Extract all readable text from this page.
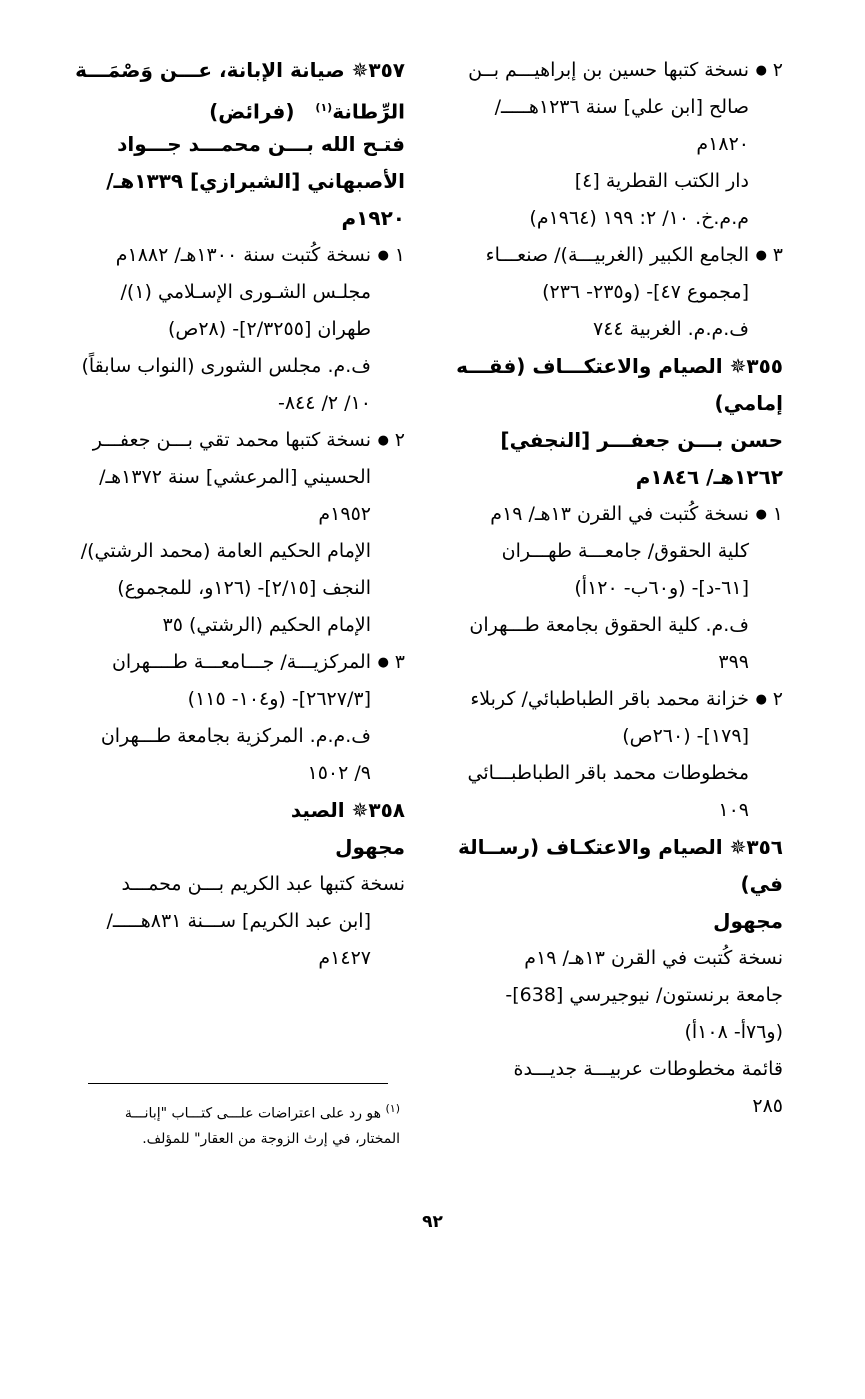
٢
●
نسخة كتبها حسين بن إبراهيـــم بــن
صالح [ابن علي] سنة ١٢٣٦هـــــ/
١٨٢٠م
دار الكتب القطرية [٤]
م.م.خ. ١٠/ ٢: ١٩٩ (١٩٦٤م)
٣
●
الجامع الكبير (الغربيـــة)/ صنعـــاء
[مجموع ٤٧]- (و٢٣٥- ٢٣٦)
ف.م.م. الغربية ٧٤٤
٣٥٥✵ الصيام والاعتكـــاف (فقـــه
إمامي)
حسن بـــن جعفـــر [النجفي]
١٢٦٢هـ/ ١٨٤٦م
١
●
نسخة كُتبت في القرن ١٣هـ/ ١٩م
كلية الحقوق/ جامعـــة طهـــران
[٦١-د]- (و٦٠ب- ١٢٠أ)
ف.م. كلية الحقوق بجامعة طـــهران
٣٩٩
٢
●
خزانة محمد باقر الطباطبائي/ كربلاء
[١٧٩]- (٢٦٠ص)
مخطوطات محمد باقر الطباطبـــائي
١٠٩
٣٥٦✵ الصيام والاعتكـاف (رســالة
في)
مجهول
نسخة كُتبت في القرن ١٣هـ/ ١٩م
جامعة برنستون/ نيوجيرسي [638]-
(و٧٦أ- ١٠٨أ)
قائمة مخطوطات عربيـــة جديـــدة
٢٨٥
٣٥٧✵ صيانة الإبانة، عـــن وَصْمَـــة
الرِّطانة$^{(١)}$   (فرائض)
فتـح الله بـــن محمـــد جـــواد
الأصبهاني [الشيرازي] ١٣٣٩هـ/
١٩٢٠م
١
●
نسخة كُتبت سنة ١٣٠٠هـ/ ١٨٨٢م
مجلـس الشـورى الإسـلامي (١)/
طهران [٢/٣٢٥٥]- (٢٨ص)
ف.م. مجلس الشورى (النواب سابقاً)
١٠/ ٢/ ٨٤٤-
٢
●
نسخة كتبها محمد تقي بـــن جعفـــر
الحسيني [المرعشي] سنة ١٣٧٢هـ/
١٩٥٢م
الإمام الحكيم العامة (محمد الرشتي)/
النجف [٢/١٥]- (١٢٦و، للمجموع)
الإمام الحكيم (الرشتي) ٣٥
٣
●
المركزيـــة/ جـــامعـــة طــــهران
[٢٦٢٧/٣]- (و١٠٤- ١١٥)
ف.م.م. المركزية بجامعة طـــهران
٩/ ١٥٠٢
٣٥٨✵ الصيد
مجهول
نسخة كتبها عبد الكريم بـــن محمـــد
[ابن عبد الكريم] ســـنة ٨٣١هـــــ/
١٤٢٧م
$^{(١)}$ هو رد على اعتراضات علـــى كتـــاب "إبانـــة
المختار، في إرث الزوجة من العقار" للمؤلف.
٩٢
